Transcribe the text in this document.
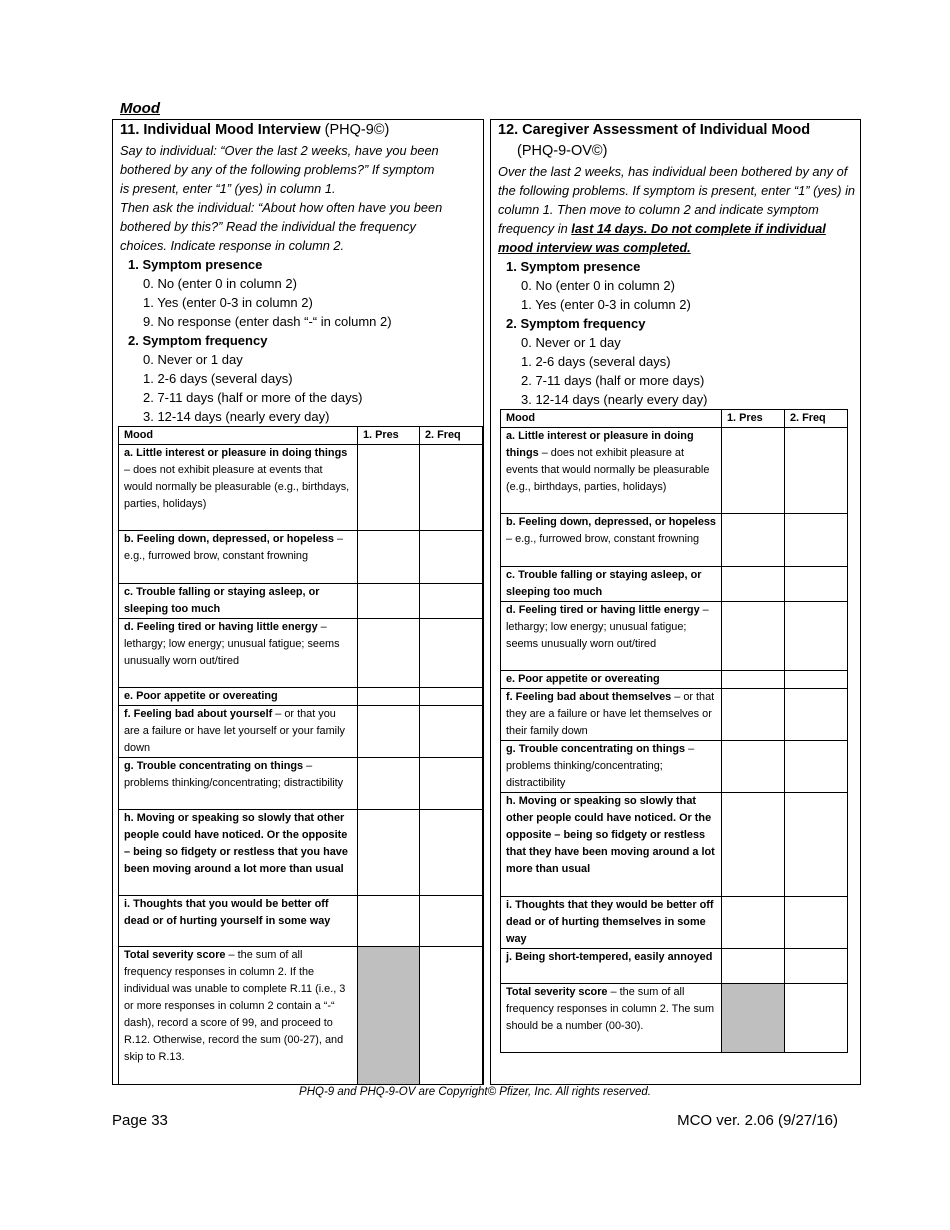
Mood
11. Individual Mood Interview (PHQ-9©)
Say to individual: “Over the last 2 weeks, have you been
bothered by any of the following problems?” If symptom
is present, enter “1” (yes) in column 1.
Then ask the individual: “About how often have you been
bothered by this?” Read the individual the frequency
choices. Indicate response in column 2.
1. Symptom presence
0. No (enter 0 in column 2)
1. Yes (enter 0-3 in column 2)
9. No response (enter dash “-“ in column 2)
2. Symptom frequency
0. Never or 1 day
1. 2-6 days (several days)
2. 7-11 days (half or more of the days)
3. 12-14 days (nearly every day)
Mood	1. Pres	2. Freq
a. Little interest or pleasure in doing things – does not exhibit pleasure at events that would normally be pleasurable (e.g., birthdays, parties, holidays)		
b. Feeling down, depressed, or hopeless – e.g., furrowed brow, constant frowning		
c. Trouble falling or staying asleep, or sleeping too much		
d. Feeling tired or having little energy – lethargy; low energy; unusual fatigue; seems unusually worn out/tired		
e. Poor appetite or overeating		
f. Feeling bad about yourself – or that you are a failure or have let yourself or your family down		
g. Trouble concentrating on things – problems thinking/concentrating; distractibility		
h. Moving or speaking so slowly that other people could have noticed. Or the opposite – being so fidgety or restless that you have been moving around a lot more than usual		
i. Thoughts that you would be better off dead or of hurting yourself in some way		
Total severity score – the sum of all frequency responses in column 2. If the individual was unable to complete R.11 (i.e., 3 or more responses in column 2 contain a “-“ dash), record a score of 99, and proceed to R.12. Otherwise, record the sum (00-27), and skip to R.13.		
12. Caregiver Assessment of Individual Mood
(PHQ-9-OV©)
Over the last 2 weeks, has individual been bothered by any of the following problems. If symptom is present, enter “1” (yes) in column 1. Then move to column 2 and indicate symptom frequency in last 14 days. Do not complete if individual mood interview was completed.
1. Symptom presence
0. No (enter 0 in column 2)
1. Yes (enter 0-3 in column 2)
2. Symptom frequency
0. Never or 1 day
1. 2-6 days (several days)
2. 7-11 days (half or more days)
3. 12-14 days (nearly every day)
Mood	1. Pres	2. Freq
a. Little interest or pleasure in doing things – does not exhibit pleasure at events that would normally be pleasurable (e.g., birthdays, parties, holidays)		
b. Feeling down, depressed, or hopeless – e.g., furrowed brow, constant frowning		
c. Trouble falling or staying asleep, or sleeping too much		
d. Feeling tired or having little energy – lethargy; low energy; unusual fatigue; seems unusually worn out/tired		
e. Poor appetite or overeating		
f. Feeling bad about themselves – or that they are a failure or have let themselves or their family down		
g. Trouble concentrating on things – problems thinking/concentrating; distractibility		
h. Moving or speaking so slowly that other people could have noticed. Or the opposite – being so fidgety or restless that they have been moving around a lot more than usual		
i. Thoughts that they would be better off dead or of hurting themselves in some way		
j. Being short-tempered, easily annoyed		
Total severity score – the sum of all frequency responses in column 2. The sum should be a number (00-30).		
PHQ-9 and PHQ-9-OV are Copyright© Pfizer, Inc. All rights reserved.
Page 33	MCO ver. 2.06 (9/27/16)
